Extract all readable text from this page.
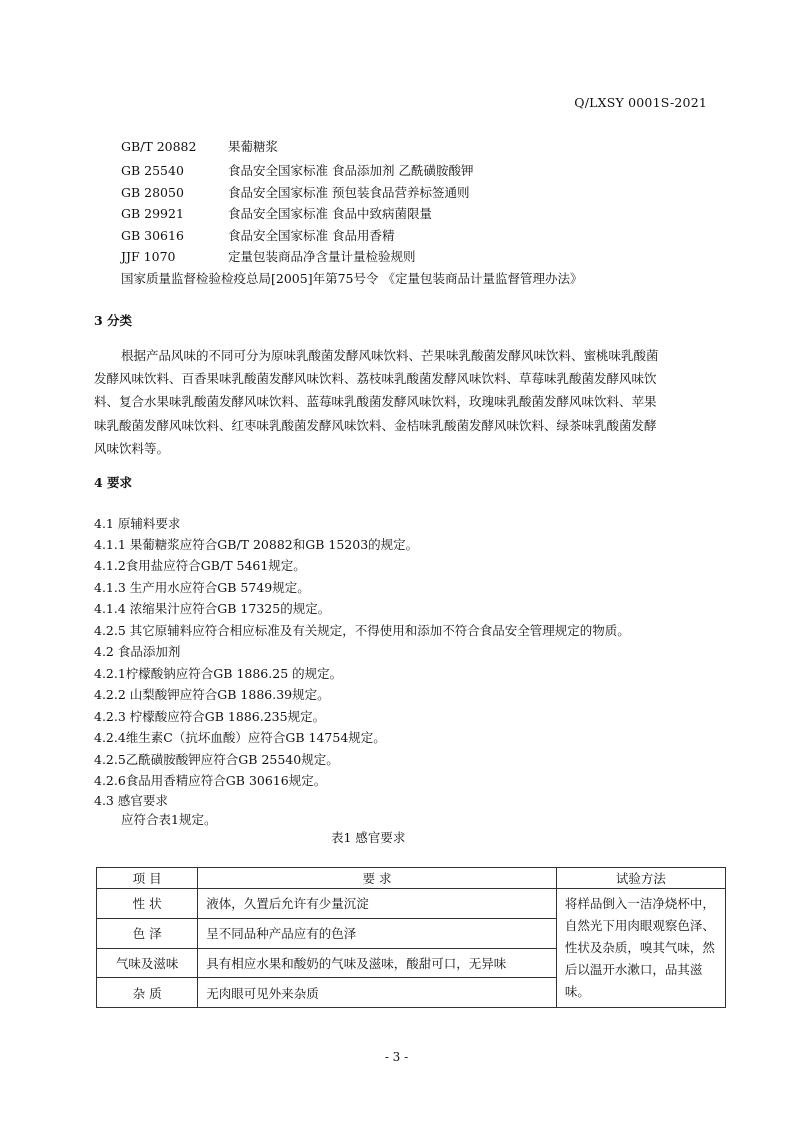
Q/LXSY 0001S-2021
GB/T 20882	果葡糖浆
GB 25540	食品安全国家标准 食品添加剂 乙酰磺胺酸钾
GB 28050	食品安全国家标准 预包装食品营养标签通则
GB 29921	食品安全国家标准 食品中致病菌限量
GB 30616	食品安全国家标准 食品用香精
JJF 1070	定量包装商品净含量计量检验规则
国家质量监督检验检疫总局[2005]年第75号令 《定量包装商品计量监督管理办法》
3 分类
根据产品风味的不同可分为原味乳酸菌发酵风味饮料、芒果味乳酸菌发酵风味饮料、蜜桃味乳酸菌
发酵风味饮料、百香果味乳酸菌发酵风味饮料、荔枝味乳酸菌发酵风味饮料、草莓味乳酸菌发酵风味饮
料、复合水果味乳酸菌发酵风味饮料、蓝莓味乳酸菌发酵风味饮料，玫瑰味乳酸菌发酵风味饮料、苹果
味乳酸菌发酵风味饮料、红枣味乳酸菌发酵风味饮料、金桔味乳酸菌发酵风味饮料、绿茶味乳酸菌发酵
风味饮料等。
4 要求
4.1 原辅料要求
4.1.1 果葡糖浆应符合GB/T 20882和GB 15203的规定。
4.1.2食用盐应符合GB/T 5461规定。
4.1.3 生产用水应符合GB 5749规定。
4.1.4 浓缩果汁应符合GB 17325的规定。
4.2.5 其它原辅料应符合相应标准及有关规定，不得使用和添加不符合食品安全管理规定的物质。
4.2 食品添加剂
4.2.1柠檬酸钠应符合GB 1886.25 的规定。
4.2.2 山梨酸钾应符合GB 1886.39规定。
4.2.3 柠檬酸应符合GB 1886.235规定。
4.2.4维生素C（抗坏血酸）应符合GB 14754规定。
4.2.5乙酰磺胺酸钾应符合GB 25540规定。
4.2.6食品用香精应符合GB 30616规定。
4.3 感官要求
应符合表1规定。
表1 感官要求
项 目	要 求	试验方法
性 状	液体，久置后允许有少量沉淀	将样品倒入一洁净烧杯中，自然光下用肉眼观察色泽、性状及杂质，嗅其气味，然后以温开水漱口，品其滋味。
色 泽	呈不同品种产品应有的色泽	
气味及滋味	具有相应水果和酸奶的气味及滋味，酸甜可口，无异味	
杂 质	无肉眼可见外来杂质	
- 3 -
